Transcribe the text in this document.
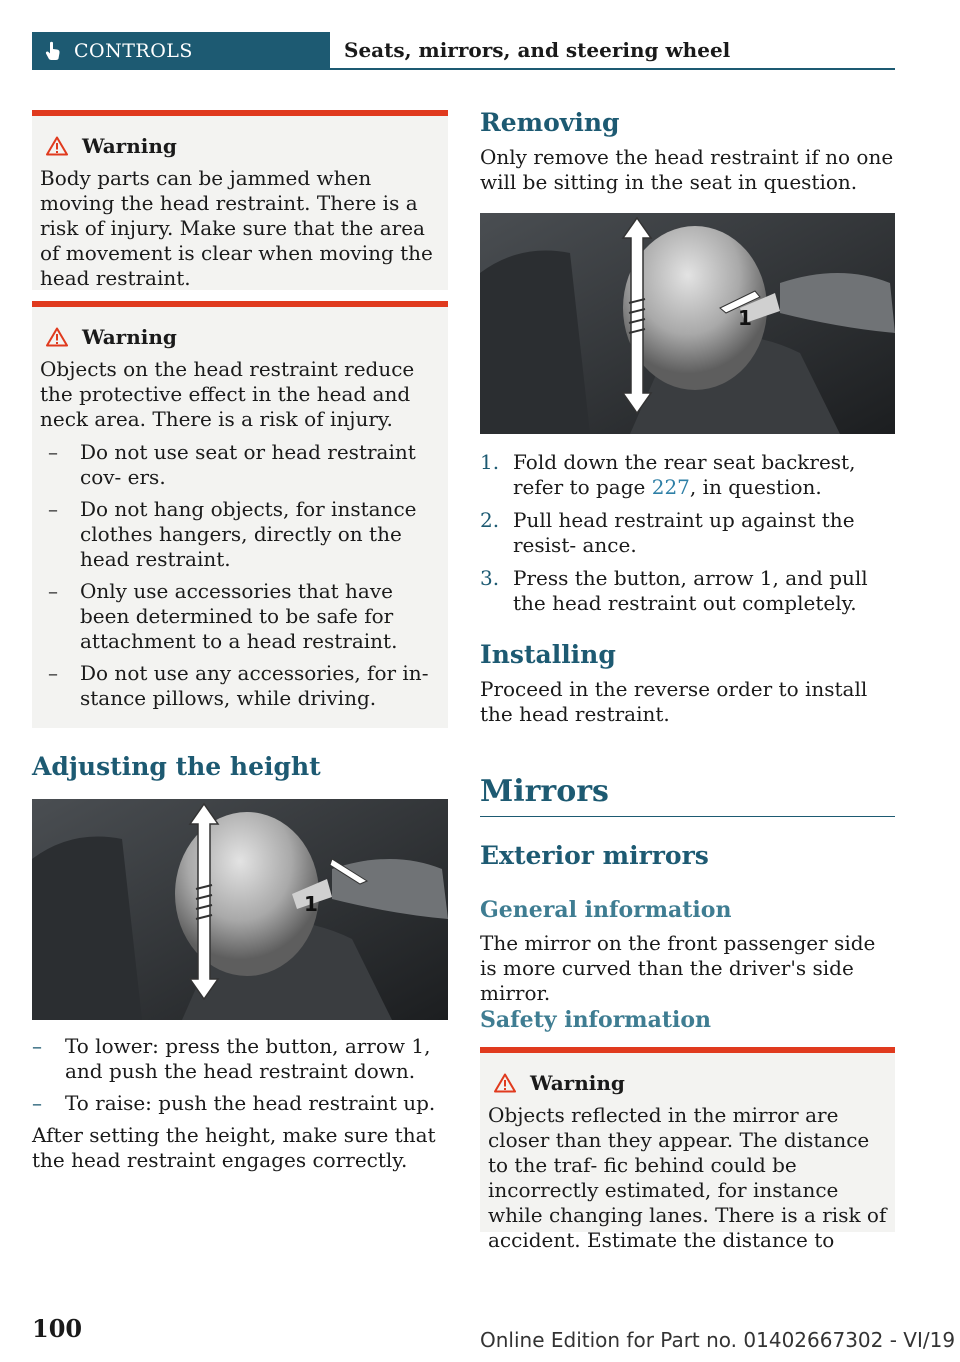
CONTROLS	Seats, mirrors, and steering wheel
Warning

Body parts can be jammed when moving the head restraint. There is a risk of injury. Make sure that the area of movement is clear when moving the head restraint.

Warning

Objects on the head restraint reduce the protective effect in the head and neck area. There is a risk of injury.

– Do not use seat or head restraint cov‐ ers.
– Do not hang objects, for instance clothes hangers, directly on the head restraint.
– Only use accessories that have been determined to be safe for attachment to a head restraint.
– Do not use any accessories, for in‐ stance pillows, while driving.
Adjusting the height
1
– To lower: press the button, arrow 1, and push the head restraint down.
– To raise: push the head restraint up.

After setting the height, make sure that the head restraint engages correctly.

Removing

Only remove the head restraint if no one will be sitting in the seat in question.

1
1. Fold down the rear seat backrest, refer to page 227, in question.
2. Pull head restraint up against the resist‐ ance.
3. Press the button, arrow 1, and pull the head restraint out completely.
Installing

Proceed in the reverse order to install the head restraint.

Mirrors
Exterior mirrors
General information

The mirror on the front passenger side is more curved than the driver's side mirror.

Safety information
Warning

Objects reflected in the mirror are closer than they appear. The distance to the traf‐ fic behind could be incorrectly estimated, for instance while changing lanes. There is a risk of accident. Estimate the distance to

100	Online Edition for Part no. 01402667302 - VI/19
